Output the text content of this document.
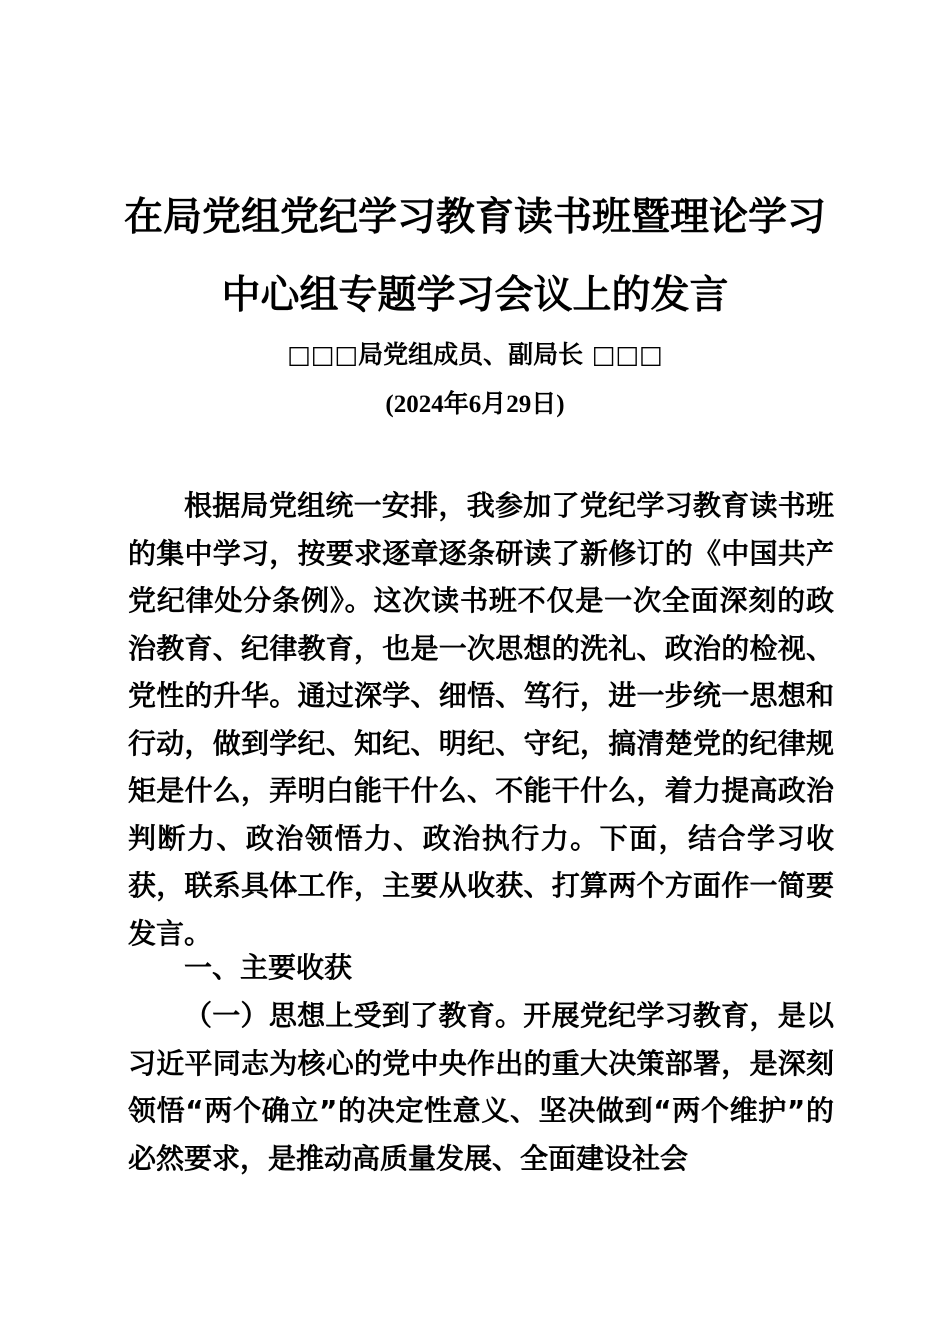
在局党组党纪学习教育读书班暨理论学习
中心组专题学习会议上的发言
□□□局党组成员、副局长 □□□
(2024年6月29日)

根据局党组统一安排，我参加了党纪学习教育读书班的集中学习，按要求逐章逐条研读了新修订的《中国共产党纪律处分条例》。这次读书班不仅是一次全面深刻的政治教育、纪律教育，也是一次思想的洗礼、政治的检视、党性的升华。通过深学、细悟、笃行，进一步统一思想和行动，做到学纪、知纪、明纪、守纪，搞清楚党的纪律规矩是什么，弄明白能干什么、不能干什么，着力提高政治判断力、政治领悟力、政治执行力。下面，结合学习收获，联系具体工作，主要从收获、打算两个方面作一简要发言。

一、主要收获

（一）思想上受到了教育。开展党纪学习教育，是以习近平同志为核心的党中央作出的重大决策部署，是深刻领悟“两个确立”的决定性意义、坚决做到“两个维护”的必然要求，是推动高质量发展、全面建设社会
